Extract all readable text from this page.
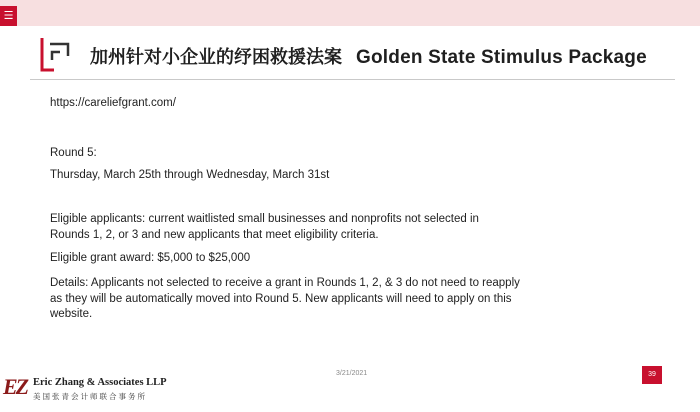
☰
加州针对小企业的纾困救援法案 Golden State Stimulus Package

https://careliefgrant.com/

Round 5:

Thursday, March 25th through Wednesday, March 31st

Eligible applicants: current waitlisted small businesses and nonprofits not selected in Rounds 1, 2, or 3 and new applicants that meet eligibility criteria.

Eligible grant award: $5,000 to $25,000

Details: Applicants not selected to receive a grant in Rounds 1, 2, & 3 do not need to reapply as they will be automatically moved into Round 5. New applicants will need to apply on this website.

3/21/2021	39
EZ Eric Zhang & Associates LLP
美国张青会计师联合事务所
